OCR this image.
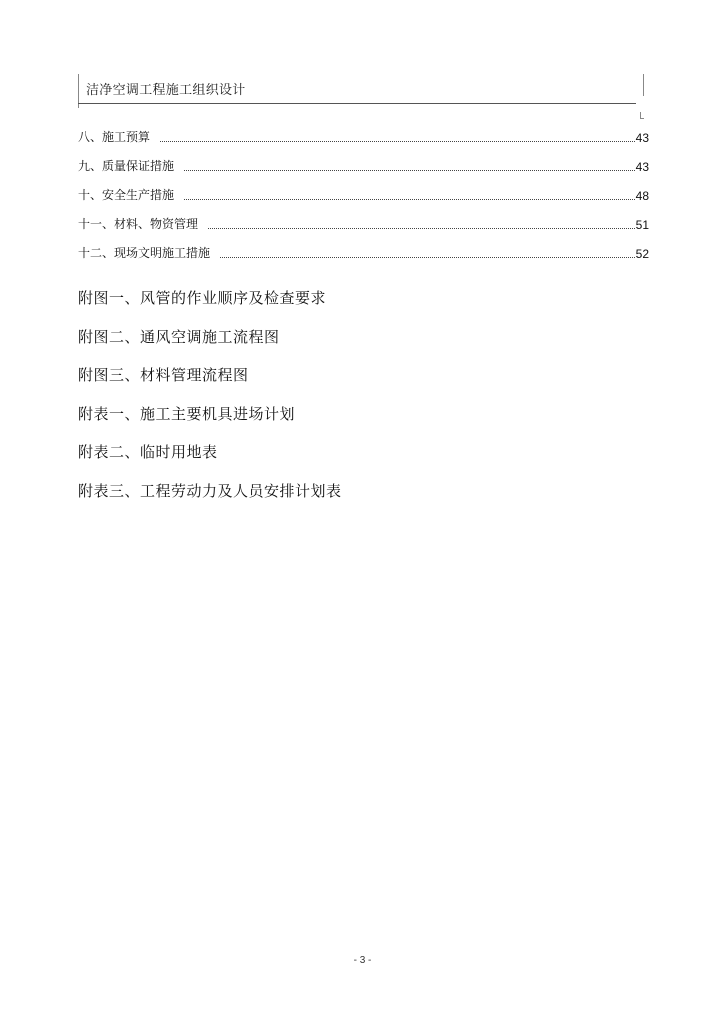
洁净空调工程施工组织设计
八、施工预算	43
九、质量保证措施	43
十、安全生产措施	48
十一、材料、物资管理	51
十二、现场文明施工措施	52
附图一、风管的作业顺序及检查要求
附图二、通风空调施工流程图
附图三、材料管理流程图
附表一、施工主要机具进场计划
附表二、临时用地表
附表三、工程劳动力及人员安排计划表
- 3 -
